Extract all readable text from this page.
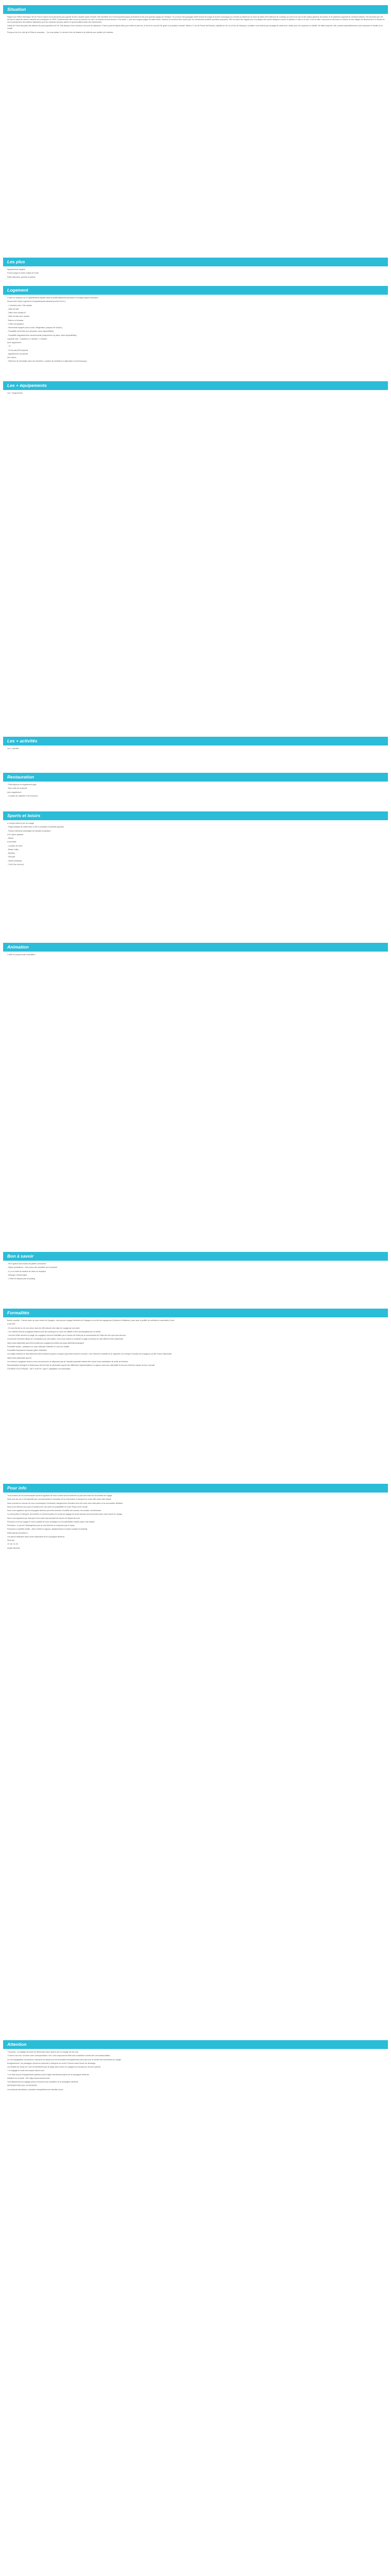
Situation

Région par l'Office Historique l'île de Pont la nature est la deuxième plus grande île des Canaries après Tenerife. Elle bénéficie d'un environnement passé permanent et des plus grandes plages de l'archipel. On y trouve des paysages variés tenant de image de la terre volcanique (ou cendre) au littoral de sa dune de sable d'Ern National de Corralejo au nord et du sud et des vastes plaideoe de surface et de plantures rappelant le continent africain. Pas étonnant que l'île ait reçu le statut de réserve naturelle de la biosphère en 2009. Fuerteventura offre un pur au douceur de vivre, un brassin environnement « l'île calme », pour ses longues plages de sable blanc. Surfeurs se tournent donc aussi pour les nombreuses activités sportives proposées. Elle est aussi très rappelé pour la pratique des sports nautiques comme la planche à voile ou le surf. C'est en effet, vous pourrez découvrir le charme de ses villages de Betancuria et la beauté de ses conséquences des stations balnéaires pour les vacances les plus calmes et qui accueillent aussi des événements.

Caleta de Fuste fait partie des stations les plus populaires de l'île. Elle dispose d'une marina et d'un port de plaisance. C'est le point de départ idéal pour visiter la côte est, le sud et le nord de l'île grâce à sa position centrale. Située à 7 km de Puerto del Rosario, capitale de l'île, et à 8 km de l'aéroport, la station vous séduira par sa plage de sable doré, idéale pour vos vacances en famille. De taille moyenne, elle convient particulièrement à ses vacances en famille et en couple.

Pourquoi est-il un club de la Plata et caracolas… Ça vous plaisez, le dernier et les de balade et de détente pour profiter de l'extérieur.

Les plus

Appartements équipés

Proche plage et centre Caleta de Fuste

Petits balconets, piscines et jardins

Logement

L'hôtel se compose de 91 appartements répartis dans de petits bâtiments bas autour d'un large espace de jardins.

Durant votre séjour, logement en Appartements standard (environ 30 m²) :

- 1 chambre avec 2 lits simples

- Salle de bain

- Salon avec canapé-lit

- Salle de bain avec douche

- Balcon ou terrasse

- Coffre-fort (payant)

- Kitchenette équipée (micro-onde, réfrigérateur, plaques de cuisson)

- Possibilité de lit bébé (sur demande, selon disponibilités)

- Possibilité d'appartements communicants (uniquement sur place, selon disponibilités)

Capacité max : 3 adultes ou 2 adultes + 2 enfants

Avec supplément :

- TV

- Go be pas (Wi-fi payant)

- Appartement vue piscine

Info voiture :

- Réservez de l'émulation dans les chambres. Location de ventilateur à disposition (Coût beaucoup)

Les + équipements

Les + équipements

Les + activités

Les + activités

Restauration

- Petit-déjeuner en supplément payé

- Bar à côté de la piscine

Avec supplément :

- Location de vaisselle (+18 € environ)

Sports et loisirs

● Compris dans le prix du voyage

- Plage publique de sable blanc à 200 m (transats et parasols payants)

- Piscine extérieure aménagée de transats et parasols

● En option payante

- Billard

A proximité :

- Location de vélos

- Beach volley

- Bowling

- Mini golf

- Sports nautiques

- Golf (4 km environ)

Animation

L'hôtel ne propose pas d'animation.

Bon à savoir

- Wi-Fi gratuit dans toutes les parties communes

- Séjour quotidienne : mise à jour des serviettes de la chambre

- Il y a un hôtel de location de vélos en réception

- Ménage 4 fois/semaine

- L'hôtel ne dispose pas de parking

Formalités

Bonne nouvelle : Comme dans de votre entrée en Espagne, vous pouvez voyager librement en Espagne et sur les îles espagnoles (Canaries et Baléares), sans avoir à justifier de certificat de vaccination Covid.

A NOTER

- En cas d'arrivé ou de non-retour dans les 48h suivant votre date de voyage par une autre.

- Les enfants mineurs voyageant doivent avoir leur passeport en cours de validité et être accompagnés par un adulte.

- Une fois l'hôtel arrivés à la plage, les voyageurs devront s'identifier par le réseau de l'hôtel par le commandant de l'hôtel une fois que nous arrivons.

Concernant l'éventuel départ du Constantino par votre séjour, nous vous invitons à consulter le page ci-dessous du site officiel France Diplomatie

https://www.diplomatie.gouv.fr/fr/conseils-aux-voyageurs/conseils-par-pays-destination/espagne/

Formalité requise : passeport ou carte nationale d'identité en cours de validité.

Formalités français/non français (pièce d'identité).

Les règles relatives au franchissement des frontières propres à chaque pays étant amenés à évoluer, il est vivement conseillé de se rapporter à la rubrique Conseils aux voyageurs du site France Diplomatie.

https://www.diplomatie.gouv.fr/

Les mineurs voyageant seuls ou avec une personne ne disposant pas de l'autorité parentale doivent être munis d'une autorisation de sortie de territoire.

Ressortissants étrangers et binationaux devront faire le nécessaire auprès des différentes réglementations en vigueur selon leur nationalité et devront s'informer auprès de leur consulat.

COURANT ÉLECTRIQUE : 230 V et 50 Hz. Type F. Adaptateur non nécessaire.

Pour info

Tous horaires de vol communiqués avant la signature de votre contrat seront confirmés au plus tard dans les documents de voyage.

Dans tous les cas, il est impératif que vous demandiez la réception de la convocation à l'aéroport au moins 48h avant votre départ.

Nous sommes en mesure de vous communiquer d'éventuels changements d'horaires des vols entre votre réservation et la convocation définitive.

Nous nous référons aux jours et horaires des vols selon les possibilités de notre Temps d'une escale.

Nous vous rappelons que la compagnie aérienne peut être amenée à modifier les horaires, les escales, les itinéraires.

La convocation à l'aéroport, les horaires en heures locales et le poids du bagage de soute autorisé seront précisés dans votre carnet de voyage.

Nous vous signalons que l'aéroport n'est ouvert que pendant les heures de départ des vols.

Prévoyez un kit de voyage et il est conseillé de vous renseigner sur les spécificités locales avant votre départ.

Précisions : le prix de l'hébergement pour la nuit d'arrivée ne comprend pas le repas.

Personnes à mobilité réduite : aide à l'hôtel en vigueur, déplacements en chaise roulante et fauteuils.

PRÉCISION ESCAPEFLY

Les places attribuées dans l'avion dépendent de la compagnie aérienne.

Plein lieu

19 JUL 21.00

escale éternelle

Attention

* Nouveau : un bagage de soute est désormais inclus dans le prix du voyage sur les vols.

* Dans le cas d'un vol retour avec correspondance, les 2 vols composant le billet sont considérés comme des vols indissociables.

Un accompagnateur est présent à l'aéroport de départ pour les formalités d'enregistrement ainsi que pour la remise des documents de voyage.

Enregistrement : les passagers doivent se présenter à l'aéroport au moins 2 heures avant l'heure de décollage.

Les enfants de moins de 2 ans ne bénéficient pas de siège dans l'avion, ils voyagent sur les genoux de leurs parents.

* Un bagage en soute est compris dans le prix.

* Les frais de port d'équipements spéciaux sont à régler directement auprès de la compagnie aérienne.

Ministère de la Santé : Ref. https://www.mesvols.info/

Tout déplacement ou bagage perdu est soumis aux conditions de la compagnie aérienne.

INFORMATIONS AUX VOYAGEURS :

Les boissons alcoolisées, cannabis et stupéfiants sont interdits à bord.
